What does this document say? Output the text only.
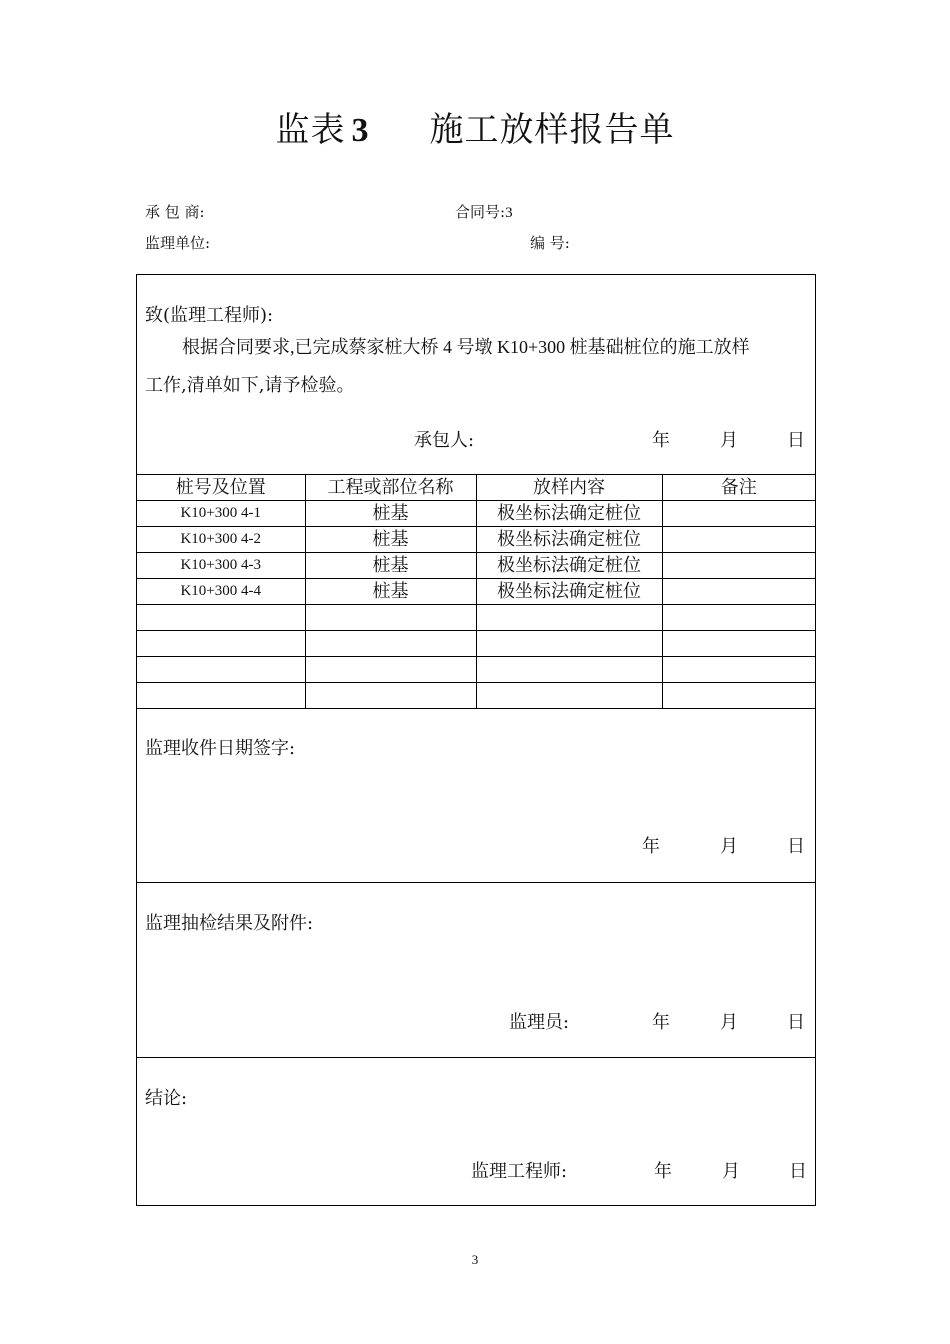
监表 3 施工放样报告单
承 包 商:	合同号:3
监理单位:	编 号:
致(监理工程师):
根据合同要求,已完成蔡家桩大桥 4 号墩 K10+300 桩基础桩位的施工放样
工作,清单如下,请予检验。
承包人:	年	月	日
桩号及位置	工程或部位名称	放样内容	备注
K10+300 4-1	桩基	极坐标法确定桩位	
K10+300 4-2	桩基	极坐标法确定桩位	
K10+300 4-3	桩基	极坐标法确定桩位	
K10+300 4-4	桩基	极坐标法确定桩位	

监理收件日期签字:
年	月	日
监理抽检结果及附件:
监理员:	年	月	日
结论:
监理工程师:	年	月	日
3
